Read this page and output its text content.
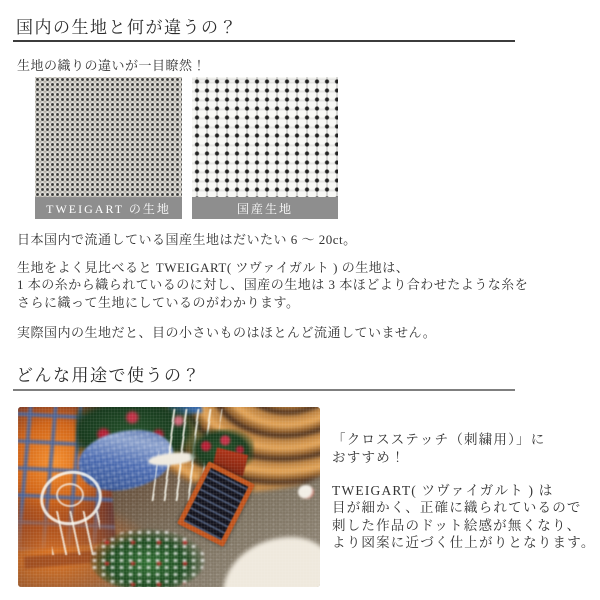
国内の生地と何が違うの？
生地の織りの違いが一目瞭然！
TWEIGART の生地	国産生地
日本国内で流通している国産生地はだいたい 6 ～ 20ct。
生地をよく見比べると TWEIGART( ツヴァイガルト ) の生地は、
1 本の糸から織られているのに対し、国産の生地は 3 本ほどより合わせたような糸を
さらに織って生地にしているのがわかります。
実際国内の生地だと、目の小さいものはほとんど流通していません。
どんな用途で使うの？
「クロスステッチ（刺繍用）」に
おすすめ！
TWEIGART( ツヴァイガルト ) は
目が細かく、正確に織られているので
刺した作品のドット絵感が無くなり、
より図案に近づく仕上がりとなります。
